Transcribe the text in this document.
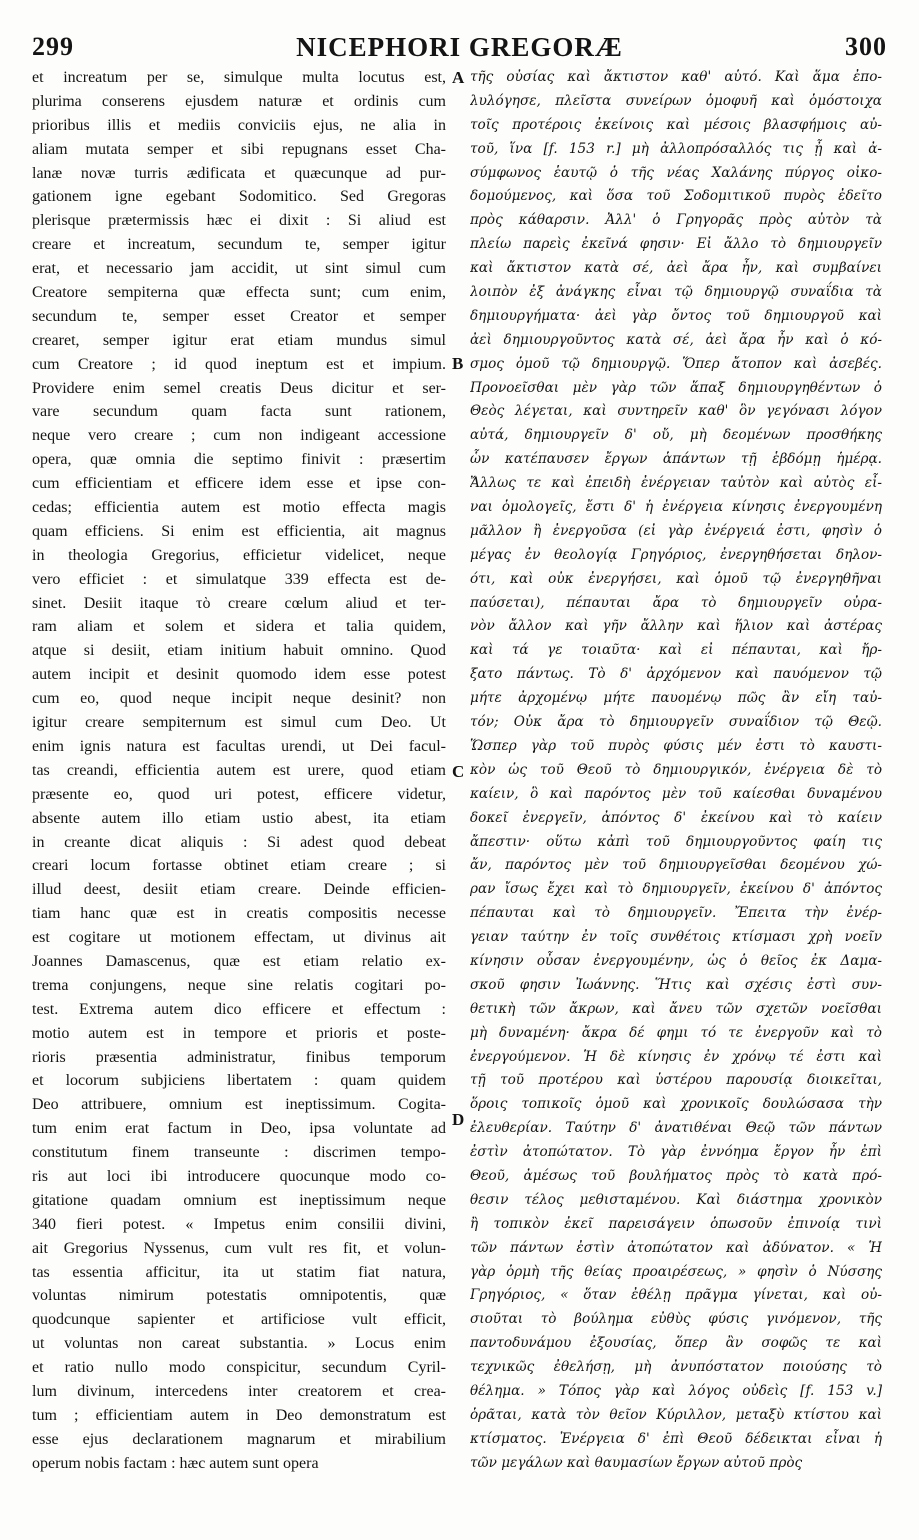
299	NICEPHORI GREGORÆ	300
et increatum per se, simulque multa locutus est,
plurima conserens ejusdem naturæ et ordinis cum
prioribus illis et mediis conviciis ejus, ne alia in
aliam mutata semper et sibi repugnans esset Cha-
lanæ novæ turris ædificata et quæcunque ad pur-
gationem igne egebant Sodomitico. Sed Gregoras
plerisque prætermissis hæc ei dixit : Si aliud est
creare et increatum, secundum te, semper igitur
erat, et necessario jam accidit, ut sint simul cum
Creatore sempiterna quæ effecta sunt; cum enim,
secundum te, semper esset Creator et semper
crearet, semper igitur erat etiam mundus simul
cum Creatore ; id quod ineptum est et impium.
Providere enim semel creatis Deus dicitur et ser-
vare secundum quam facta sunt rationem,
neque vero creare ; cum non indigeant accessione
opera, quæ omnia die septimo finivit : præsertim
cum efficientiam et efficere idem esse et ipse con-
cedas; efficientia autem est motio effecta magis
quam efficiens. Si enim est efficientia, ait magnus
in theologia Gregorius, efficietur videlicet, neque
vero efficiet : et simulatque 339 effecta est de-
sinet. Desiit itaque τὸ creare cœlum aliud et ter-
ram aliam et solem et sidera et talia quidem,
atque si desiit, etiam initium habuit omnino. Quod
autem incipit et desinit quomodo idem esse potest
cum eo, quod neque incipit neque desinit? non
igitur creare sempiternum est simul cum Deo. Ut
enim ignis natura est facultas urendi, ut Dei facul-
tas creandi, efficientia autem est urere, quod etiam
præsente eo, quod uri potest, efficere videtur,
absente autem illo etiam ustio abest, ita etiam
in creante dicat aliquis : Si adest quod debeat
creari locum fortasse obtinet etiam creare ; si
illud deest, desiit etiam creare. Deinde efficien-
tiam hanc quæ est in creatis compositis necesse
est cogitare ut motionem effectam, ut divinus ait
Joannes Damascenus, quæ est etiam relatio ex-
trema conjungens, neque sine relatis cogitari po-
test. Extrema autem dico efficere et effectum :
motio autem est in tempore et prioris et poste-
rioris præsentia administratur, finibus temporum
et locorum subjiciens libertatem : quam quidem
Deo attribuere, omnium est ineptissimum. Cogita-
tum enim erat factum in Deo, ipsa voluntate ad
constitutum finem transeunte : discrimen tempo-
ris aut loci ibi introducere quocunque modo co-
gitatione quadam omnium est ineptissimum neque
340 fieri potest. « Impetus enim consilii divini,
ait Gregorius Nyssenus, cum vult res fit, et volun-
tas essentia afficitur, ita ut statim fiat natura,
voluntas nimirum potestatis omnipotentis, quæ
quodcunque sapienter et artificiose vult efficit,
ut voluntas non careat substantia. » Locus enim
et ratio nullo modo conspicitur, secundum Cyril-
lum divinum, intercedens inter creatorem et crea-
tum ; efficientiam autem in Deo demonstratum est
esse ejus declarationem magnarum et mirabilium
operum nobis factam : hæc autem sunt opera
τῆς οὐσίας καὶ ἄκτιστον καθ' αὑτό. Καὶ ἅμα ἐπο-
λυλόγησε, πλεῖστα συνείρων ὁμοφυῆ καὶ ὁμόστοιχα
τοῖς προτέροις ἐκείνοις καὶ μέσοις βλασφήμοις αὐ-
τοῦ, ἵνα [f. 153 r.] μὴ ἀλλοπρόσαλλός τις ᾖ καὶ ἀ-
σύμφωνος ἑαυτῷ ὁ τῆς νέας Χαλάνης πύργος οἰκο-
δομούμενος, καὶ ὅσα τοῦ Σοδομιτικοῦ πυρὸς ἐδεῖτο
πρὸς κάθαρσιν. Ἀλλ' ὁ Γρηγορᾶς πρὸς αὐτὸν τὰ
πλείω παρεὶς ἐκεῖνά φησιν· Εἰ ἄλλο τὸ δημιουργεῖν
καὶ ἄκτιστον κατὰ σέ, ἀεὶ ἄρα ἦν, καὶ συμβαίνει
λοιπὸν ἐξ ἀνάγκης εἶναι τῷ δημιουργῷ συναΐδια τὰ
δημιουργήματα· ἀεὶ γὰρ ὄντος τοῦ δημιουργοῦ καὶ
ἀεὶ δημιουργοῦντος κατὰ σέ, ἀεὶ ἄρα ἦν καὶ ὁ κό-
σμος ὁμοῦ τῷ δημιουργῷ. Ὅπερ ἄτοπον καὶ ἀσεβές.
Προνοεῖσθαι μὲν γὰρ τῶν ἅπαξ δημιουργηθέντων ὁ
Θεὸς λέγεται, καὶ συντηρεῖν καθ' ὃν γεγόνασι λόγον
αὐτά, δημιουργεῖν δ' οὔ, μὴ δεομένων προσθήκης
ὧν κατέπαυσεν ἔργων ἁπάντων τῇ ἑβδόμῃ ἡμέρᾳ.
Ἄλλως τε καὶ ἐπειδὴ ἐνέργειαν ταὐτὸν καὶ αὐτὸς εἶ-
ναι ὁμολογεῖς, ἔστι δ' ἡ ἐνέργεια κίνησις ἐνεργουμένη
μᾶλλον ἢ ἐνεργοῦσα (εἰ γὰρ ἐνέργειά ἐστι, φησὶν ὁ
μέγας ἐν θεολογίᾳ Γρηγόριος, ἐνεργηθήσεται δηλον-
ότι, καὶ οὐκ ἐνεργήσει, καὶ ὁμοῦ τῷ ἐνεργηθῆναι
παύσεται), πέπαυται ἄρα τὸ δημιουργεῖν οὐρα-
νὸν ἄλλον καὶ γῆν ἄλλην καὶ ἥλιον καὶ ἀστέρας
καὶ τά γε τοιαῦτα· καὶ εἰ πέπαυται, καὶ ἤρ-
ξατο πάντως. Τὸ δ' ἀρχόμενον καὶ παυόμενον τῷ
μήτε ἀρχομένῳ μήτε παυομένῳ πῶς ἂν εἴη ταὐ-
τόν; Οὐκ ἄρα τὸ δημιουργεῖν συναΐδιον τῷ Θεῷ.
Ὥσπερ γὰρ τοῦ πυρὸς φύσις μέν ἐστι τὸ καυστι-
κὸν ὡς τοῦ Θεοῦ τὸ δημιουργικόν, ἐνέργεια δὲ τὸ
καίειν, ὃ καὶ παρόντος μὲν τοῦ καίεσθαι δυναμένου
δοκεῖ ἐνεργεῖν, ἀπόντος δ' ἐκείνου καὶ τὸ καίειν
ἄπεστιν· οὕτω κἀπὶ τοῦ δημιουργοῦντος φαίη τις
ἄν, παρόντος μὲν τοῦ δημιουργεῖσθαι δεομένου χώ-
ραν ἴσως ἔχει καὶ τὸ δημιουργεῖν, ἐκείνου δ' ἀπόντος
πέπαυται καὶ τὸ δημιουργεῖν. Ἔπειτα τὴν ἐνέρ-
γειαν ταύτην ἐν τοῖς συνθέτοις κτίσμασι χρὴ νοεῖν
κίνησιν οὖσαν ἐνεργουμένην, ὡς ὁ θεῖος ἐκ Δαμα-
σκοῦ φησιν Ἰωάννης. Ἥτις καὶ σχέσις ἐστὶ συν-
θετικὴ τῶν ἄκρων, καὶ ἄνευ τῶν σχετῶν νοεῖσθαι
μὴ δυναμένη· ἄκρα δέ φημι τό τε ἐνεργοῦν καὶ τὸ
ἐνεργούμενον. Ἡ δὲ κίνησις ἐν χρόνῳ τέ ἐστι καὶ
τῇ τοῦ προτέρου καὶ ὑστέρου παρουσίᾳ διοικεῖται,
ὅροις τοπικοῖς ὁμοῦ καὶ χρονικοῖς δουλώσασα τὴν
ἐλευθερίαν. Ταύτην δ' ἀνατιθέναι Θεῷ τῶν πάντων
ἐστὶν ἀτοπώτατον. Τὸ γὰρ ἐννόημα ἔργον ἦν ἐπὶ
Θεοῦ, ἀμέσως τοῦ βουλήματος πρὸς τὸ κατὰ πρό-
θεσιν τέλος μεθισταμένου. Καὶ διάστημα χρονικὸν
ἢ τοπικὸν ἐκεῖ παρεισάγειν ὁπωσοῦν ἐπινοίᾳ τινὶ
τῶν πάντων ἐστὶν ἀτοπώτατον καὶ ἀδύνατον. « Ἡ
γὰρ ὁρμὴ τῆς θείας προαιρέσεως, » φησὶν ὁ Νύσσης
Γρηγόριος, « ὅταν ἐθέλῃ πρᾶγμα γίνεται, καὶ οὐ-
σιοῦται τὸ βούλημα εὐθὺς φύσις γινόμενον, τῆς
παντοδυνάμου ἐξουσίας, ὅπερ ἂν σοφῶς τε καὶ
τεχνικῶς ἐθελήσῃ, μὴ ἀνυπόστατον ποιούσης τὸ
θέλημα. » Τόπος γὰρ καὶ λόγος οὐδεὶς [f. 153 v.]
ὁρᾶται, κατὰ τὸν θεῖον Κύριλλον, μεταξὺ κτίστου καὶ
κτίσματος. Ἐνέργεια δ' ἐπὶ Θεοῦ δέδεικται εἶναι ἡ
τῶν μεγάλων καὶ θαυμασίων ἔργων αὐτοῦ πρὸς
A
B
C
D
